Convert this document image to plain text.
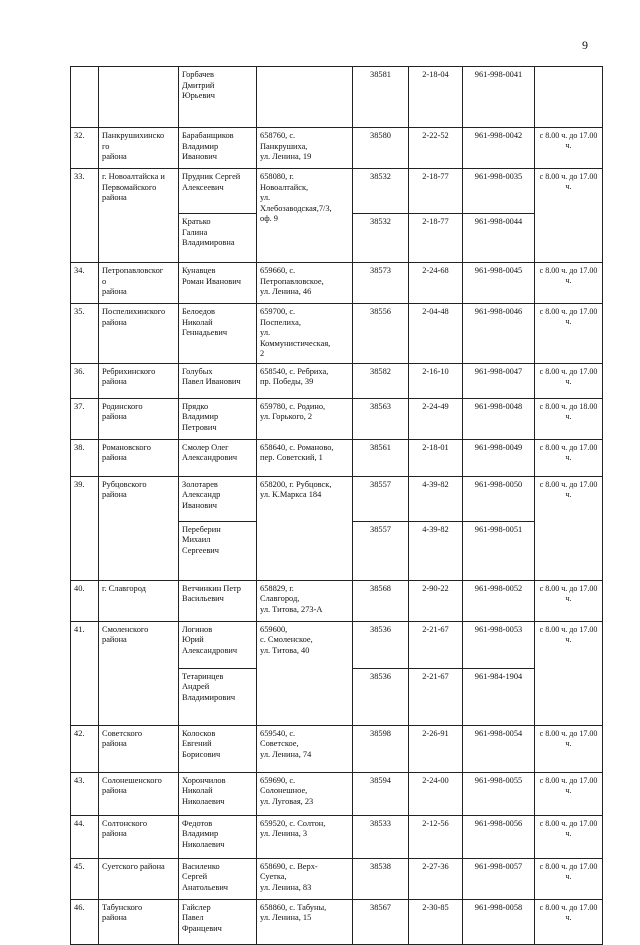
9

		Горбачев
Дмитрий
Юрьевич		38581	2-18-04	961-998-0041	
32.	Панкрушихинско
го
района	Барабанщиков
Владимир
Иванович	658760, с.
Панкрушиха,
ул. Ленина, 19	38580	2-22-52	961-998-0042	с 8.00 ч. до 17.00 ч.
33.	г. Новоалтайска и
Первомайского
района	Прудник Сергей
Алексеевич	658080, г.
Новоалтайск,
ул.
Хлебозаводская,7/3,
оф. 9	38532	2-18-77	961-998-0035	с 8.00 ч. до 17.00 ч.

		Кратько
Галина
Владимировна		38532	2-18-77	961-998-0044	
34.	Петропавловског
о
района	Кунавцев
Роман Иванович	659660, с.
Петропавловское,
ул. Ленина, 46	38573	2-24-68	961-998-0045	с 8.00 ч. до 17.00 ч.
35.	Поспелихинского
района	Белоедов
Николай
Геннадьевич	659700, с.
Поспелиха,
ул.
Коммунистическая,
2	38556	2-04-48	961-998-0046	с 8.00 ч. до 17.00 ч.
36.	Ребрихинского
района	Голубых
Павел Иванович	658540, с. Ребриха,
пр. Победы, 39	38582	2-16-10	961-998-0047	с 8.00 ч. до 17.00 ч.
37.	Родинского
района	Прядко
Владимир
Петрович	659780, с. Родино,
ул. Горького, 2	38563	2-24-49	961-998-0048	с 8.00 ч. до 18.00 ч.
38.	Романовского
района	Смолер Олег
Александрович	658640, с. Романово,
пер. Советский, 1	38561	2-18-01	961-998-0049	с 8.00 ч. до 17.00 ч.
39.	Рубцовского
района	Золотарев
Александр
Иванович	658200, г. Рубцовск,
ул. К.Маркса 184	38557	4-39-82	961-998-0050	с 8.00 ч. до 17.00 ч.

		Переберин
Михаил
Сергеевич		38557	4-39-82	961-998-0051	
40.	г. Славгород	Ветчинкин Петр
Васильевич	658829, г.
Славгород,
ул. Титова, 273-А	38568	2-90-22	961-998-0052	с 8.00 ч. до 17.00 ч.
41.	Смоленского
района	Логинов
Юрий
Александрович	659600,
с. Смоленское,
ул. Титова, 40	38536	2-21-67	961-998-0053	с 8.00 ч. до 17.00 ч.

		Тетаринцев
Андрей
Владимирович		38536	2-21-67	961-984-1904	
42.	Советского
района	Колосков
Евгений
Борисович	659540, с.
Советское,
ул. Ленина, 74	38598	2-26-91	961-998-0054	с 8.00 ч. до 17.00 ч.
43.	Солонешенского
района	Хорончилов
Николай
Николаевич	659690, с.
Солонешное,
ул. Луговая, 23	38594	2-24-00	961-998-0055	с 8.00 ч. до 17.00 ч.
44.	Солтонского
района	Федотов
Владимир
Николаевич	659520, с. Солтон,
ул. Ленина, 3	38533	2-12-56	961-998-0056	с 8.00 ч. до 17.00 ч.
45.	Суетского района	Василенко
Сергей
Анатольевич	658690, с. Верх-
Суетка,
ул. Ленина, 83	38538	2-27-36	961-998-0057	с 8.00 ч. до 17.00 ч.
46.	Табунского
района	Гайслер
Павел
Францевич	658860, с. Табуны,
ул. Ленина, 15	38567	2-30-85	961-998-0058	с 8.00 ч. до 17.00 ч.
